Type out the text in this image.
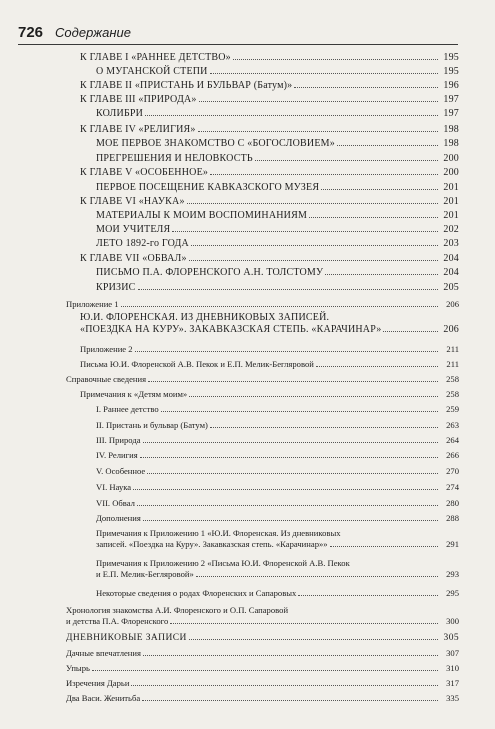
726 Содержание
К ГЛАВЕ I «РАННЕЕ ДЕТСТВО»	195
О МУГАНСКОЙ СТЕПИ	195
К ГЛАВЕ II «ПРИСТАНЬ И БУЛЬВАР (Батум)»	196
К ГЛАВЕ III «ПРИРОДА»	197
КОЛИБРИ	197
К ГЛАВЕ IV «РЕЛИГИЯ»	198
МОЕ ПЕРВОЕ ЗНАКОМСТВО С «БОГОСЛОВИЕМ»	198
ПРЕГРЕШЕНИЯ И НЕЛОВКОСТЬ	200
К ГЛАВЕ V «ОСОБЕННОЕ»	200
ПЕРВОЕ ПОСЕЩЕНИЕ КАВКАЗСКОГО МУЗЕЯ	201
К ГЛАВЕ VI «НАУКА»	201
МАТЕРИАЛЫ К МОИМ ВОСПОМИНАНИЯМ	201
МОИ УЧИТЕЛЯ	202
ЛЕТО 1892-го ГОДА	203
К ГЛАВЕ VII «ОБВАЛ»	204
ПИСЬМО П.А. ФЛОРЕНСКОГО А.Н. ТОЛСТОМУ	204
КРИЗИС	205
Приложение 1	206
Ю.И. ФЛОРЕНСКАЯ. ИЗ ДНЕВНИКОВЫХ ЗАПИСЕЙ.
«ПОЕЗДКА НА КУРУ». ЗАКАВКАЗСКАЯ СТЕПЬ. «КАРАЧИНАР»	206
Приложение 2	211
Письма Ю.И. Флоренской А.В. Пекок и Е.П. Мелик-Бегляровой	211
Справочные сведения	258
Примечания к «Детям моим»	258
I. Раннее детство	259
II. Пристань и бульвар (Батум)	263
III. Природа	264
IV. Религия	266
V. Особенное	270
VI. Наука	274
VII. Обвал	280
Дополнения	288
Примечания к Приложению 1 «Ю.И. Флоренская. Из дневниковых
записей. «Поездка на Куру». Закавказская степь. «Карачинар»»	291
Примечания к Приложению 2 «Письма Ю.И. Флоренской А.В. Пекок
и Е.П. Мелик-Бегляровой»	293
Некоторые сведения о родах Флоренских и Сапаровых	295
Хронология знакомства А.И. Флоренского и О.П. Сапаровой
и детства П.А. Флоренского	300
ДНЕВНИКОВЫЕ ЗАПИСИ	305
Дачные впечатления	307
Упырь	310
Изречения Дарьи	317
Два Васи. Женитьба	335
